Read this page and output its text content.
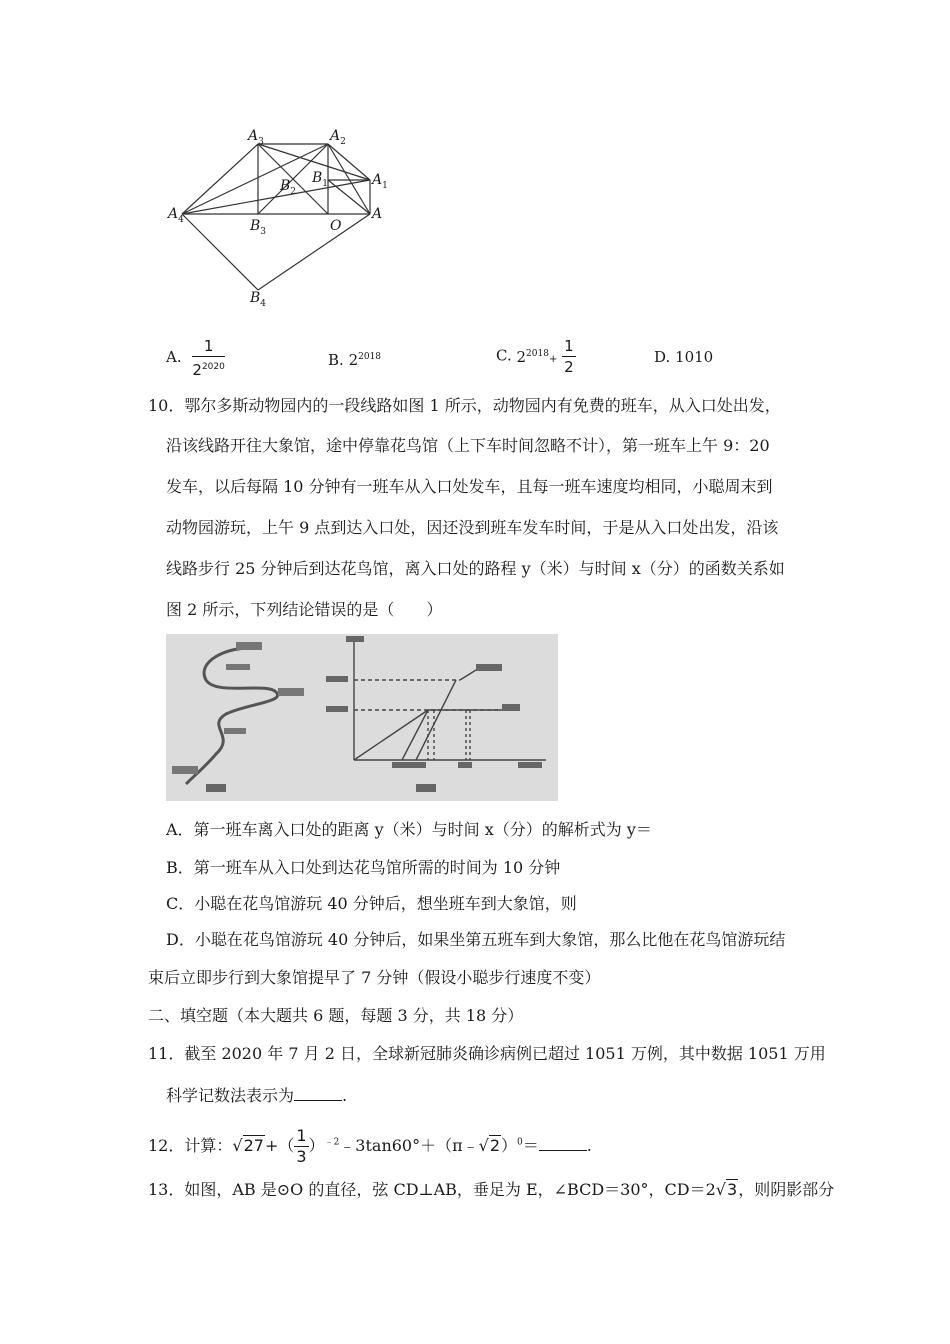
$A_3$	$A_2$
$B_2$
$B_1$	$A_1$
$A_4$	A
$B_3$	O
$B_4$
A. $\frac{1}{2^{2020}}$	B. $2^{2018}$	C. $2^{2018}+ \frac{1}{2}$	D. 1010
10．鄂尔多斯动物园内的一段线路如图 1 所示，动物园内有免费的班车，从入口处出发，
沿该线路开往大象馆，途中停靠花鸟馆（上下车时间忽略不计），第一班车上午 9：20
发车，以后每隔 10 分钟有一班车从入口处发车，且每一班车速度均相同，小聪周末到
动物园游玩，上午 9 点到达入口处，因还没到班车发车时间，于是从入口处出发，沿该
线路步行 25 分钟后到达花鸟馆，离入口处的路程 y（米）与时间 x（分）的函数关系如
图 2 所示，下列结论错误的是（　　）
A．第一班车离入口处的距离 y（米）与时间 x（分）的解析式为 y＝
B．第一班车从入口处到达花鸟馆所需的时间为 10 分钟
C．小聪在花鸟馆游玩 40 分钟后，想坐班车到大象馆，则
D．小聪在花鸟馆游玩 40 分钟后，如果坐第五班车到大象馆，那么比他在花鸟馆游玩结
束后立即步行到大象馆提早了 7 分钟（假设小聪步行速度不变）
二、填空题（本大题共 6 题，每题 3 分，共 18 分）
11．截至 2020 年 7 月 2 日，全球新冠肺炎确诊病例已超过 1051 万例，其中数据 1051 万用
科学记数法表示为	.
12．计算：$√27+( \frac{1}{3}$ ）$^{﹣2}﹣3\tan 60^\circ+(\pi﹣√2)^0=$	.
13．如图，AB 是⊙O 的直径，弦 CD⊥AB，垂足为 E，∠BCD＝30°，CD＝2√3，则阴影部分
